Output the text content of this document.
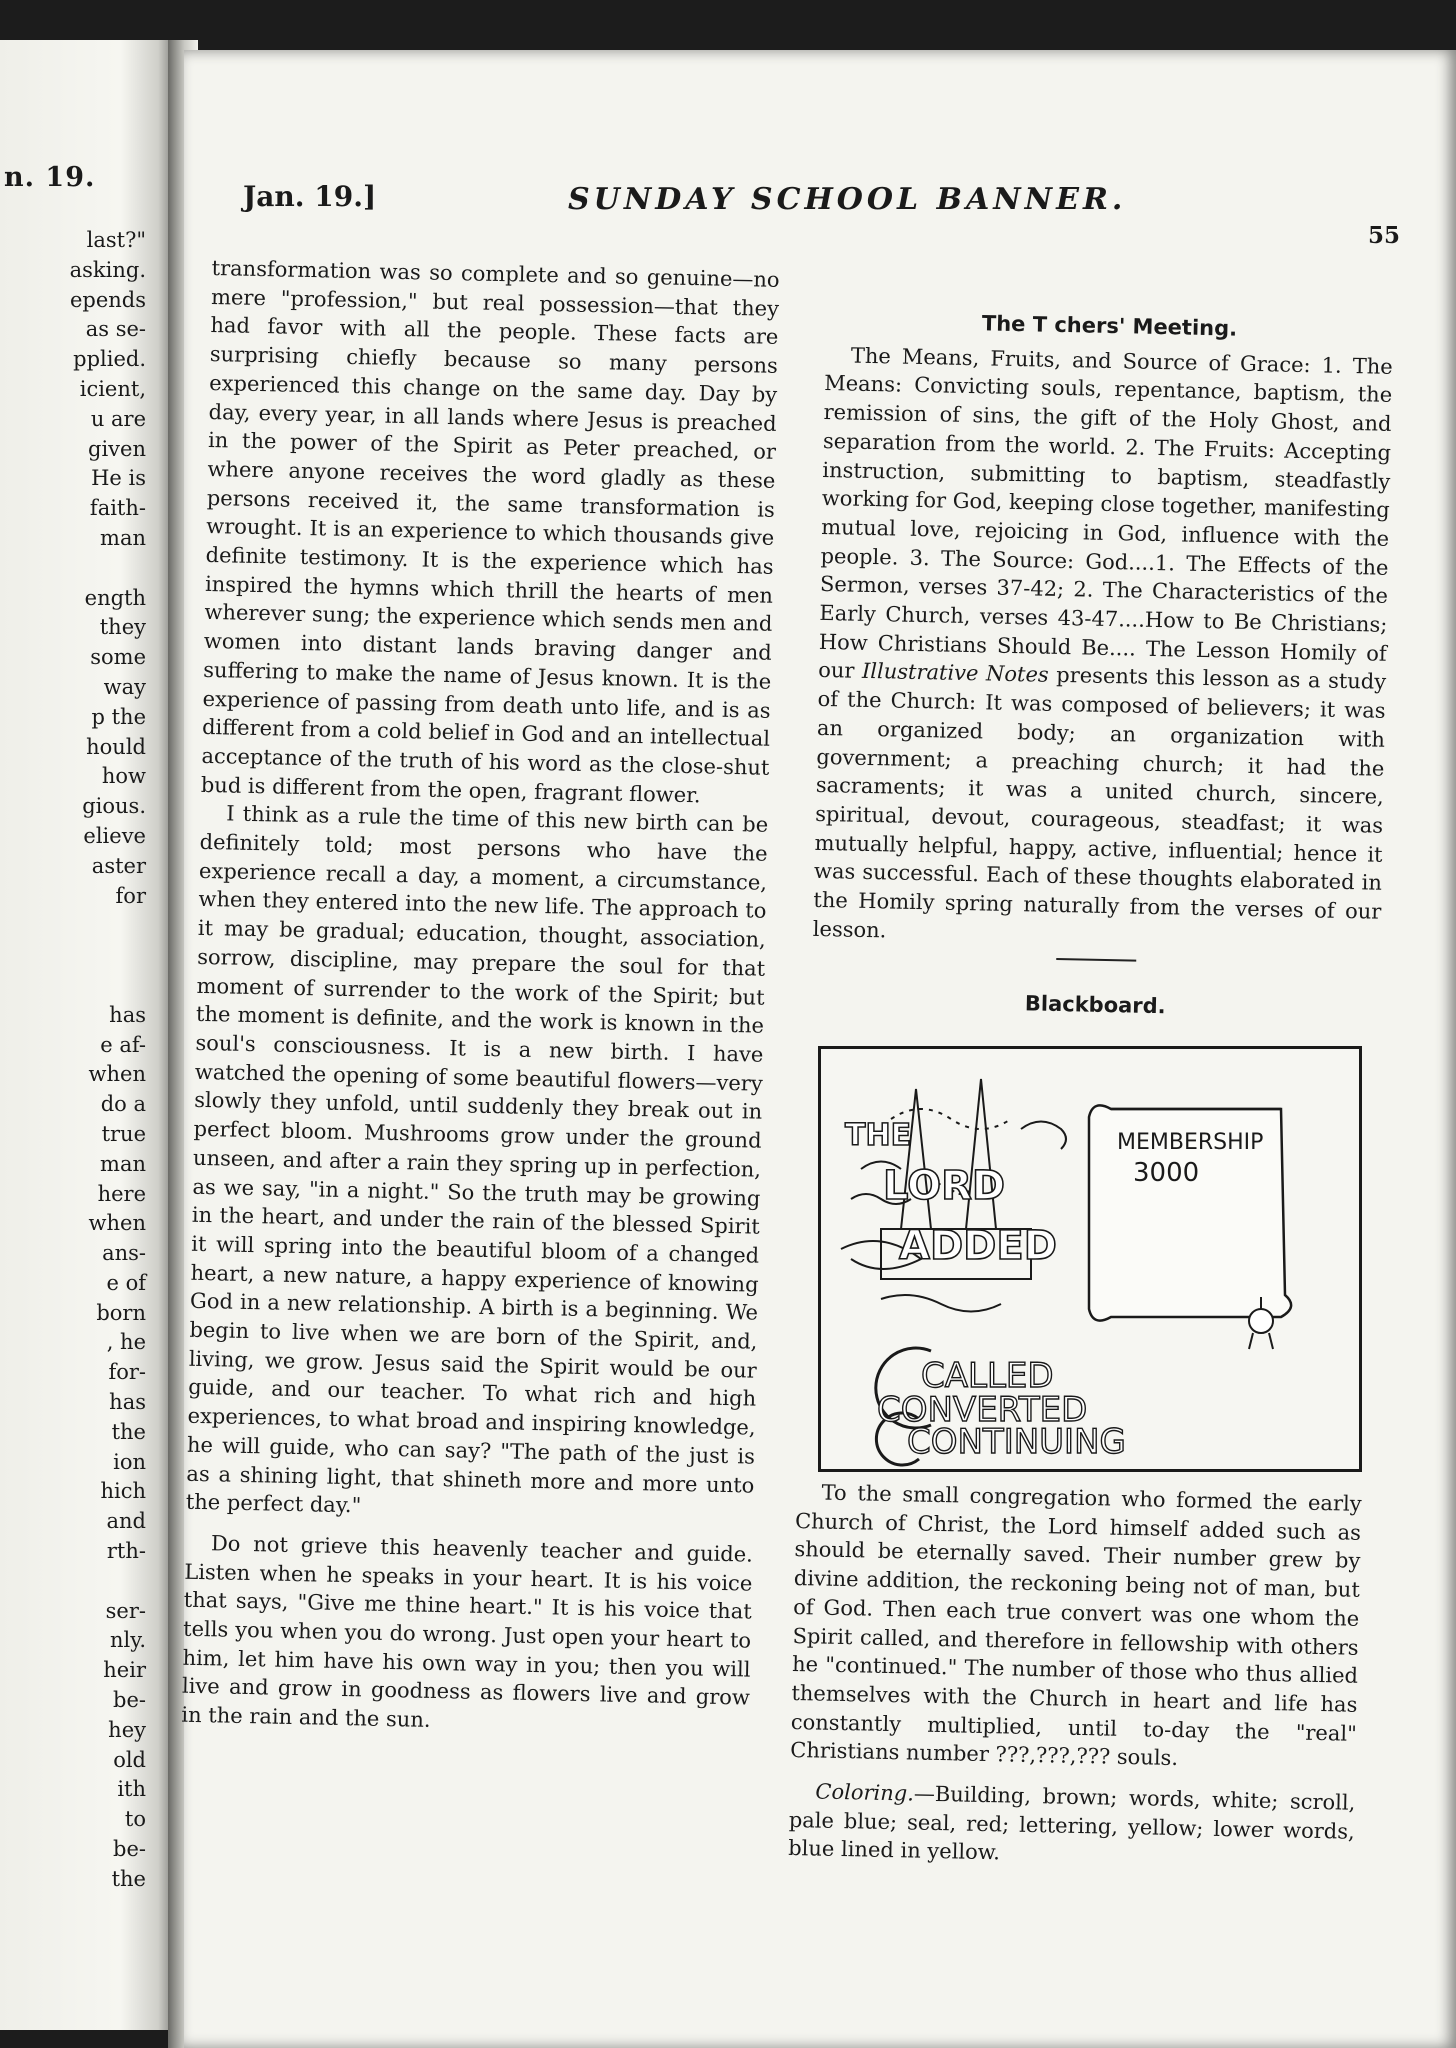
n. 19.
last?"
asking.
epends
as se-
pplied.
icient,
u are
given
He is
faith-
man
ength
they
some
way
p the
hould
how
gious.
elieve
aster
for
has
e af-
when
do a
true
man
here
when
ans-
e of
born
, he
for-
has
the
ion
hich
and
rth-
ser-
nly.
heir
be-
hey
old
ith
to
be-
the
Jan. 19.]	SUNDAY SCHOOL BANNER.
55

transformation was so complete and so genuine—no mere "profession," but real possession—that they had favor with all the people. These facts are surprising chiefly because so many persons experienced this change on the same day. Day by day, every year, in all lands where Jesus is preached in the power of the Spirit as Peter preached, or where anyone receives the word gladly as these persons received it, the same transformation is wrought. It is an experience to which thousands give definite testimony. It is the experience which has inspired the hymns which thrill the hearts of men wherever sung; the experience which sends men and women into distant lands braving danger and suffering to make the name of Jesus known. It is the experience of passing from death unto life, and is as different from a cold belief in God and an intellectual acceptance of the truth of his word as the close-shut bud is different from the open, fragrant flower.

I think as a rule the time of this new birth can be definitely told; most persons who have the experience recall a day, a moment, a circumstance, when they entered into the new life. The approach to it may be gradual; education, thought, association, sorrow, discipline, may prepare the soul for that moment of surrender to the work of the Spirit; but the moment is definite, and the work is known in the soul's consciousness. It is a new birth. I have watched the opening of some beautiful flowers—very slowly they unfold, until suddenly they break out in perfect bloom. Mushrooms grow under the ground unseen, and after a rain they spring up in perfection, as we say, "in a night." So the truth may be growing in the heart, and under the rain of the blessed Spirit it will spring into the beautiful bloom of a changed heart, a new nature, a happy experience of knowing God in a new relationship. A birth is a beginning. We begin to live when we are born of the Spirit, and, living, we grow. Jesus said the Spirit would be our guide, and our teacher. To what rich and high experiences, to what broad and inspiring knowledge, he will guide, who can say? "The path of the just is as a shining light, that shineth more and more unto the perfect day."

Do not grieve this heavenly teacher and guide. Listen when he speaks in your heart. It is his voice that says, "Give me thine heart." It is his voice that tells you when you do wrong. Just open your heart to him, let him have his own way in you; then you will live and grow in goodness as flowers live and grow in the rain and the sun.

The T chers' Meeting.

The Means, Fruits, and Source of Grace: 1. The Means: Convicting souls, repentance, baptism, the remission of sins, the gift of the Holy Ghost, and separation from the world. 2. The Fruits: Accepting instruction, submitting to baptism, steadfastly working for God, keeping close together, manifesting mutual love, rejoicing in God, influence with the people. 3. The Source: God....1. The Effects of the Sermon, verses 37-42; 2. The Characteristics of the Early Church, verses 43-47....How to Be Christians; How Christians Should Be.... The Lesson Homily of our Illustrative Notes presents this lesson as a study of the Church: It was composed of believers; it was an organized body; an organization with government; a preaching church; it had the sacraments; it was a united church, sincere, spiritual, devout, courageous, steadfast; it was mutually helpful, happy, active, influential; hence it was successful. Each of these thoughts elaborated in the Homily spring naturally from the verses of our lesson.

Blackboard.
THE
LORD
ADDED
MEMBERSHIP
3000
CALLED
CONVERTED
CONTINUING

To the small congregation who formed the early Church of Christ, the Lord himself added such as should be eternally saved. Their number grew by divine addition, the reckoning being not of man, but of God. Then each true convert was one whom the Spirit called, and therefore in fellowship with others he "continued." The number of those who thus allied themselves with the Church in heart and life has constantly multiplied, until to-day the "real" Christians number ???,???,??? souls.

Coloring.—Building, brown; words, white; scroll, pale blue; seal, red; lettering, yellow; lower words, blue lined in yellow.
